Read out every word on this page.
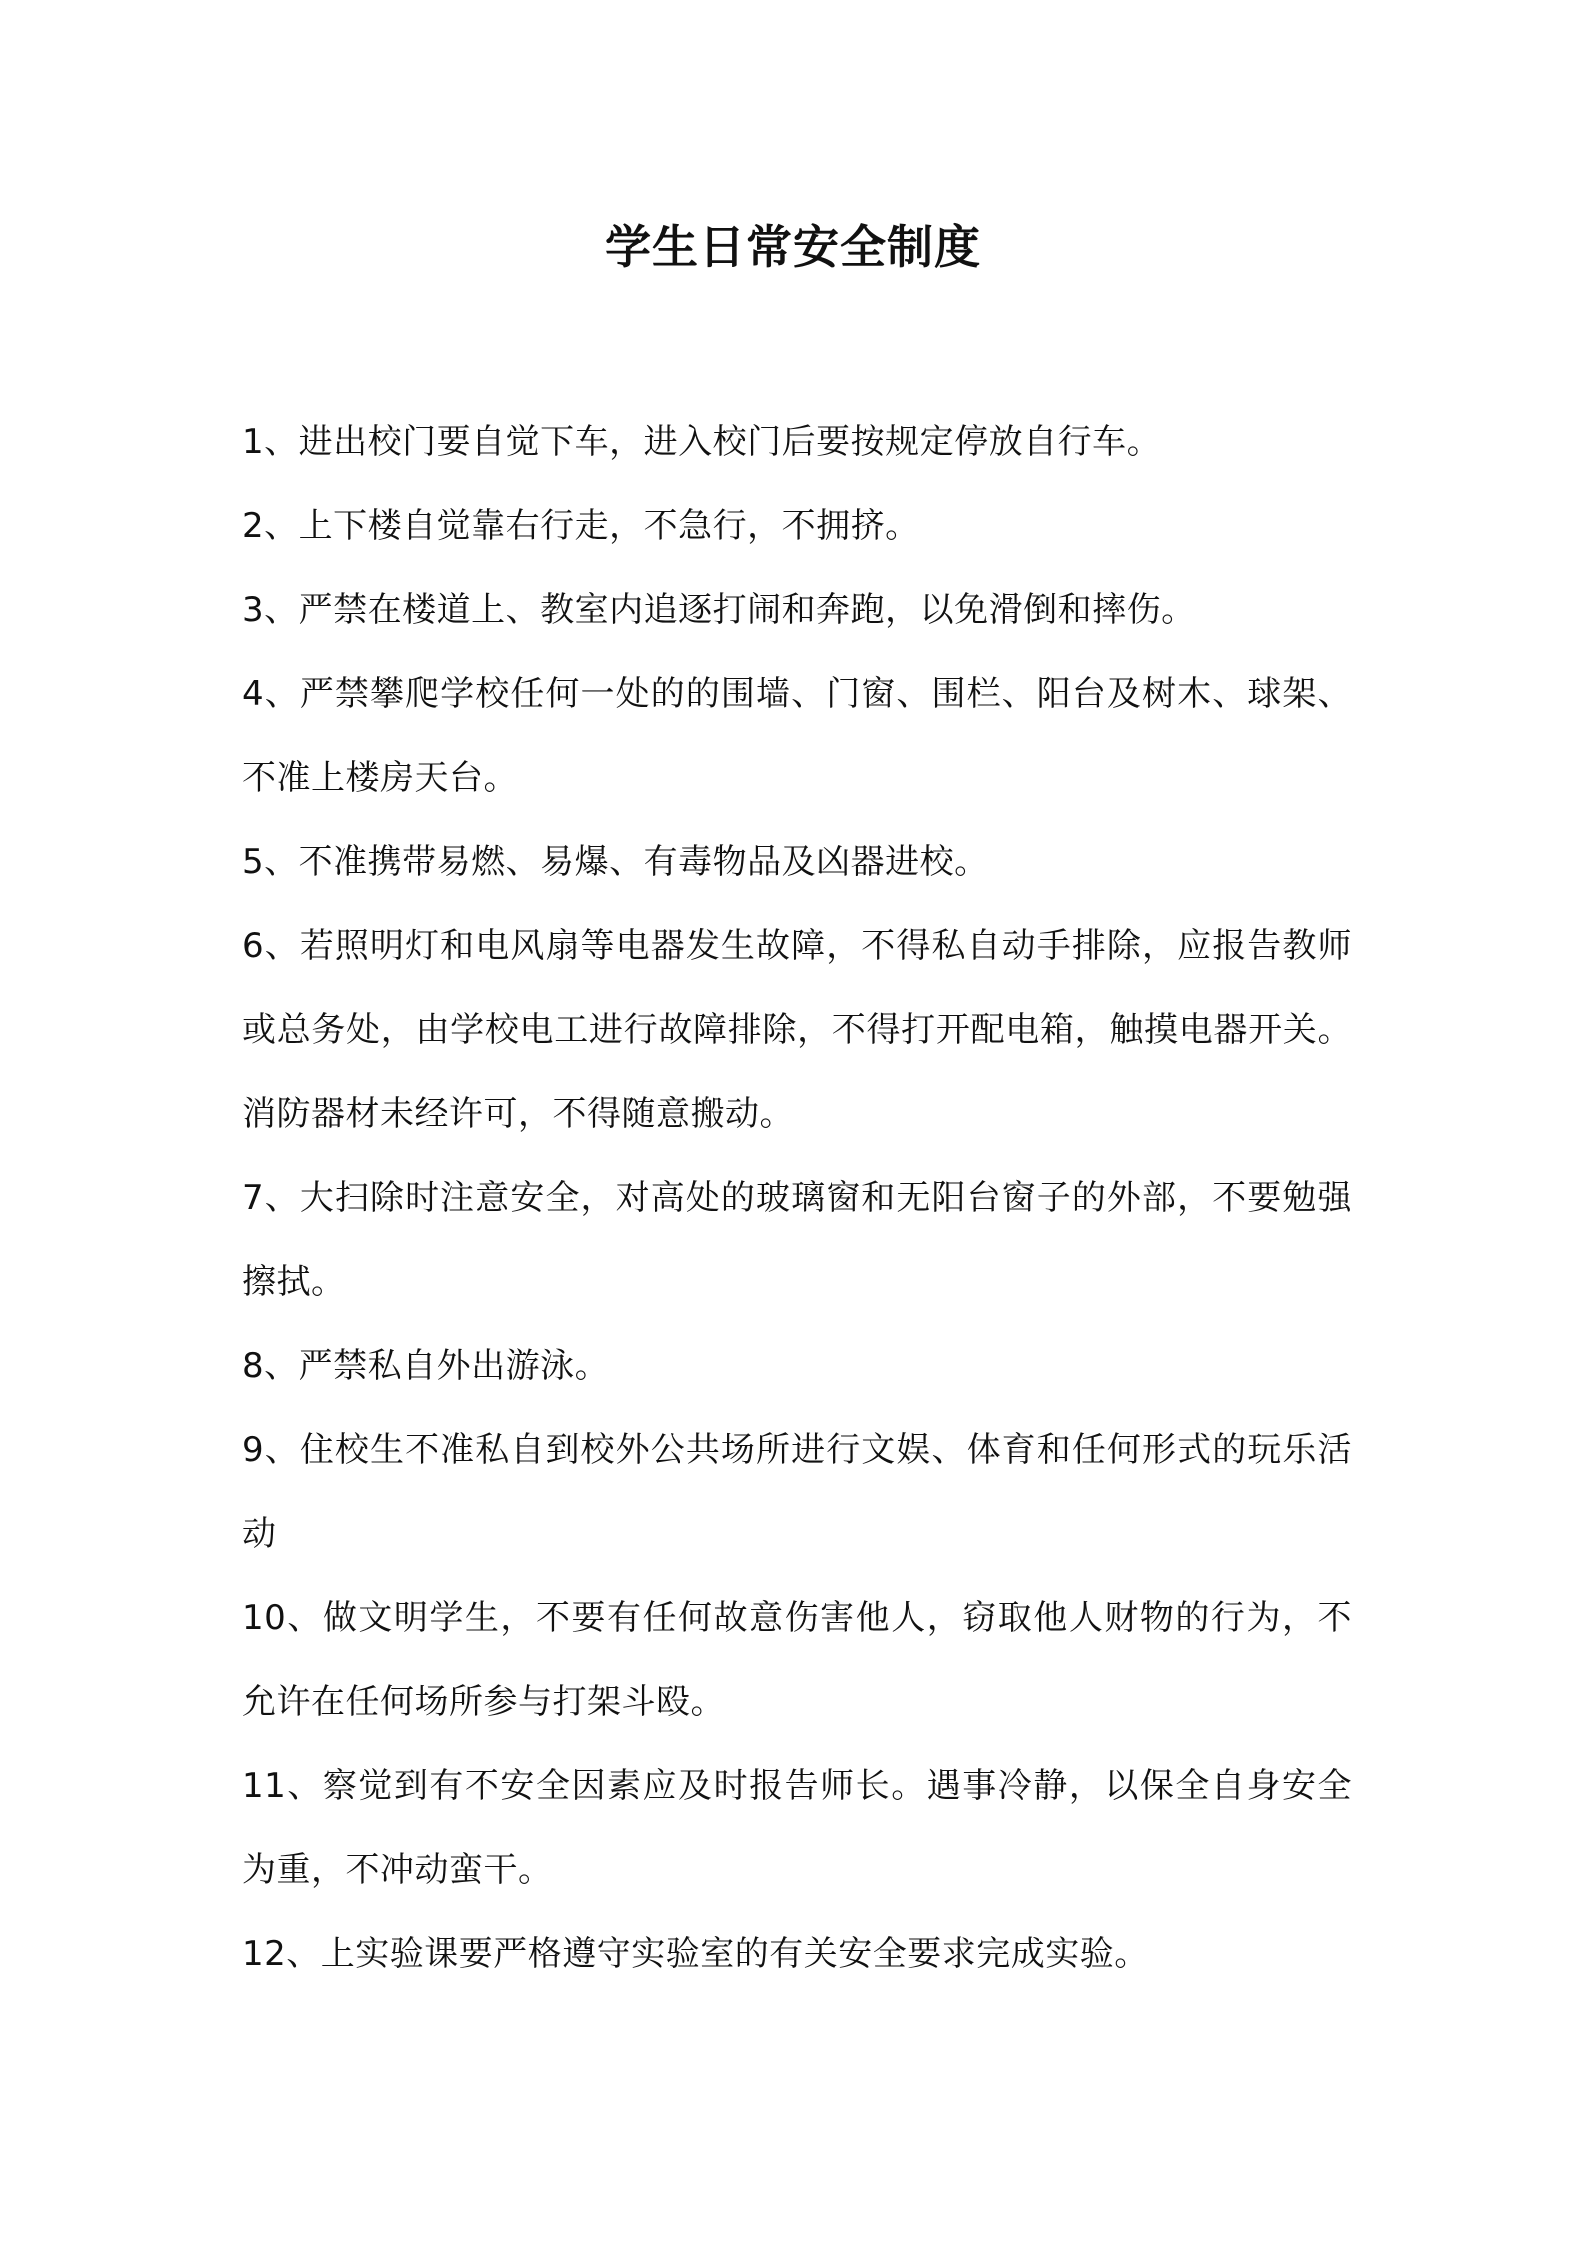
学生日常安全制度
1、进出校门要自觉下车，进入校门后要按规定停放自行车。
2、上下楼自觉靠右行走，不急行，不拥挤。
3、严禁在楼道上、教室内追逐打闹和奔跑，以免滑倒和摔伤。
4、严禁攀爬学校任何一处的的围墙、门窗、围栏、阳台及树木、球架、不准上楼房天台。
5、不准携带易燃、易爆、有毒物品及凶器进校。
6、若照明灯和电风扇等电器发生故障，不得私自动手排除，应报告教师或总务处，由学校电工进行故障排除，不得打开配电箱，触摸电器开关。消防器材未经许可，不得随意搬动。
7、大扫除时注意安全，对高处的玻璃窗和无阳台窗子的外部，不要勉强擦拭。
8、严禁私自外出游泳。
9、住校生不准私自到校外公共场所进行文娱、体育和任何形式的玩乐活动
10、做文明学生，不要有任何故意伤害他人，窃取他人财物的行为，不允许在任何场所参与打架斗殴。
11、察觉到有不安全因素应及时报告师长。遇事冷静，以保全自身安全为重，不冲动蛮干。
12、上实验课要严格遵守实验室的有关安全要求完成实验。
